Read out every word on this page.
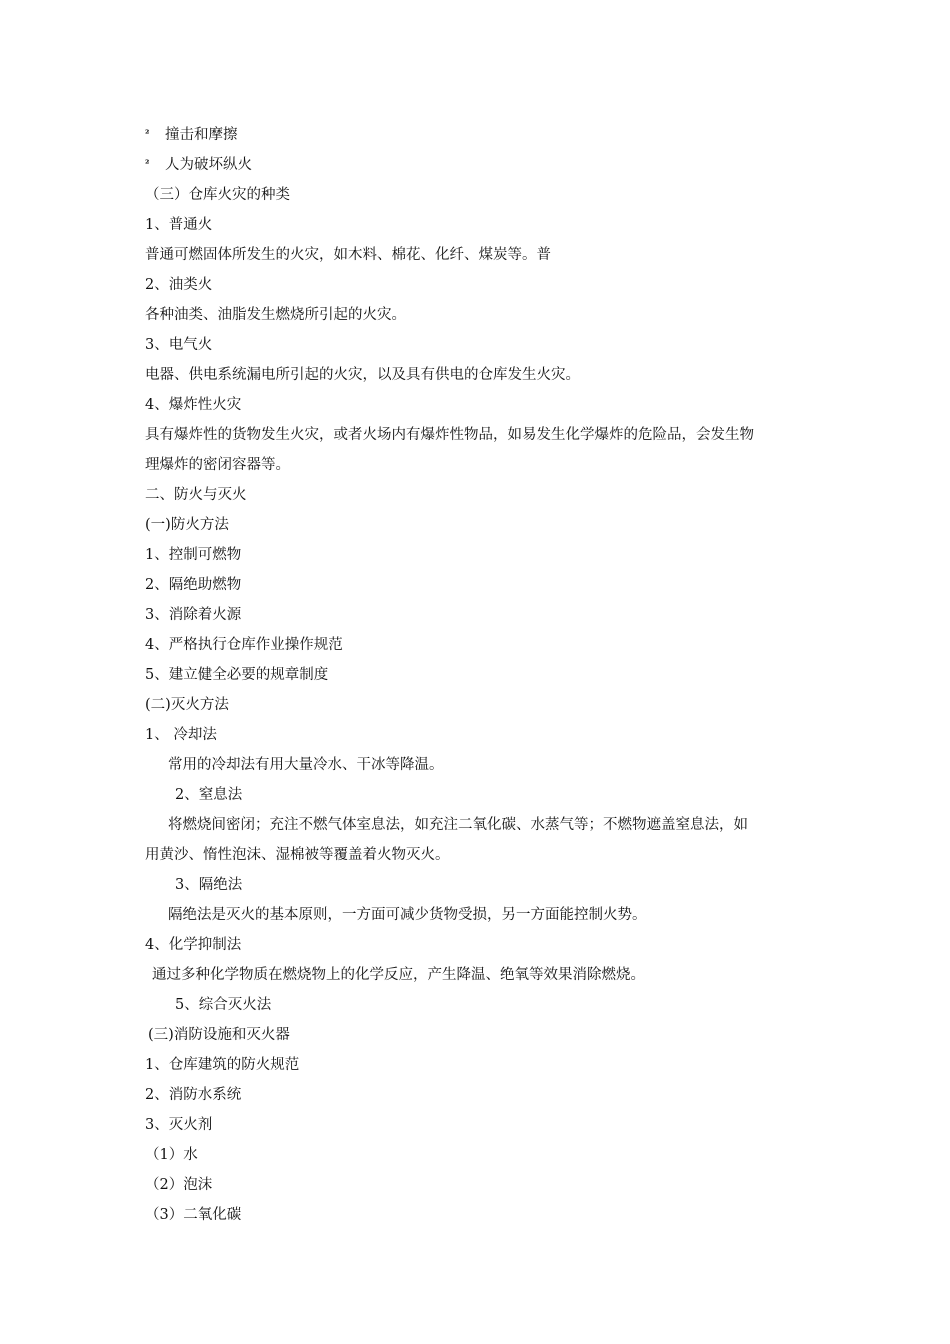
² 撞击和摩擦
² 人为破坏纵火
（三）仓库火灾的种类
1、普通火
普通可燃固体所发生的火灾，如木料、棉花、化纤、煤炭等。普
2、油类火
各种油类、油脂发生燃烧所引起的火灾。
3、电气火
电器、供电系统漏电所引起的火灾，以及具有供电的仓库发生火灾。
4、爆炸性火灾
具有爆炸性的货物发生火灾，或者火场内有爆炸性物品，如易发生化学爆炸的危险品，会发生物
理爆炸的密闭容器等。
二、防火与灭火
(一)防火方法
1、控制可燃物
2、隔绝助燃物
3、消除着火源
4、严格执行仓库作业操作规范
5、建立健全必要的规章制度
(二)灭火方法
1、 冷却法
常用的冷却法有用大量冷水、干冰等降温。
2、窒息法
将燃烧间密闭；充注不燃气体室息法，如充注二氧化碳、水蒸气等；不燃物遮盖窒息法，如
用黄沙、惰性泡沫、湿棉被等覆盖着火物灭火。
3、隔绝法
隔绝法是灭火的基本原则，一方面可减少货物受损，另一方面能控制火势。
4、化学抑制法
通过多种化学物质在燃烧物上的化学反应，产生降温、绝氧等效果消除燃烧。
5、综合灭火法
(三)消防设施和灭火器
1、仓库建筑的防火规范
2、消防水系统
3、灭火剂
（1）水
（2）泡沫
（3）二氧化碳
